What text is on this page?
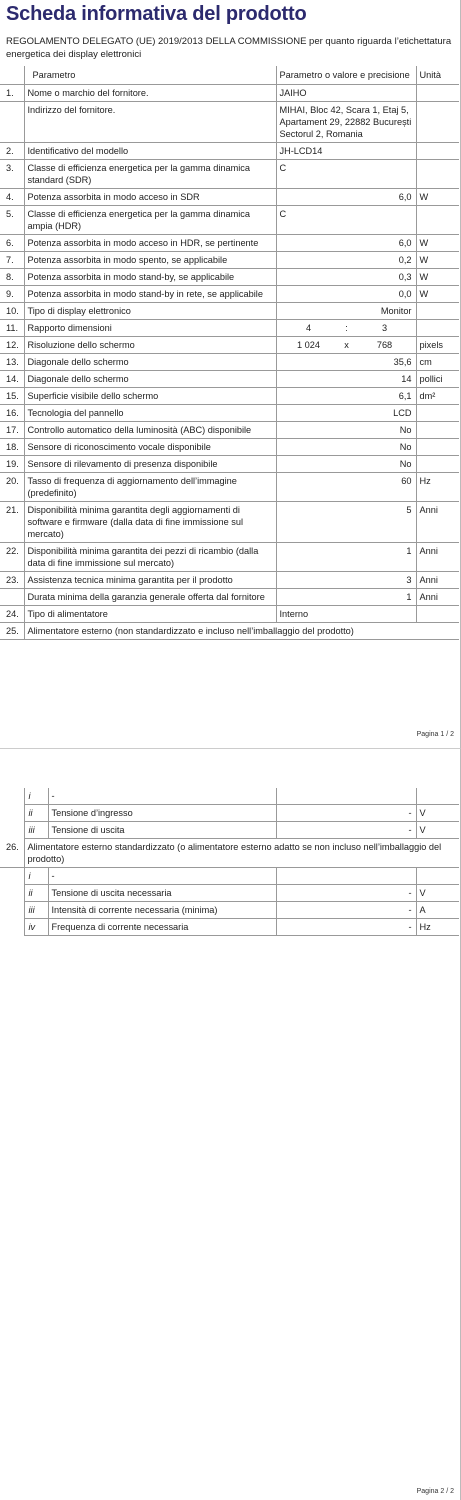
Scheda informativa del prodotto
REGOLAMENTO DELEGATO (UE) 2019/2013 DELLA COMMISSIONE per quanto riguarda l’etichettatura energetica dei display elettronici
	Parametro	Parametro o valore e precisione	Unità
1.	Nome o marchio del fornitore.	JAIHO	
	Indirizzo del fornitore.	MIHAI, Bloc 42, Scara 1, Etaj 5, Apartament 29, 22882 București Sectorul 2, Romania	
2.	Identificativo del modello	JH-LCD14	
3.	Classe di efficienza energetica per la gamma dinamica standard (SDR)	C	
4.	Potenza assorbita in modo acceso in SDR	6,0	W
5.	Classe di efficienza energetica per la gamma dinamica ampia (HDR)	C	
6.	Potenza assorbita in modo acceso in HDR, se pertinente	6,0	W
7.	Potenza assorbita in modo spento, se applicabile	0,2	W
8.	Potenza assorbita in modo stand-by, se applicabile	0,3	W
9.	Potenza assorbita in modo stand-by in rete, se applicabile	0,0	W
10.	Tipo di display elettronico	Monitor	
11.	Rapporto dimensioni	4 : 3	

12.	Risoluzione dello schermo	1 024 x 768	pixels
13.	Diagonale dello schermo	35,6	cm
14.	Diagonale dello schermo	14	pollici
15.	Superficie visibile dello schermo	6,1	dm²
16.	Tecnologia del pannello	LCD	
17.	Controllo automatico della luminosità (ABC) disponibile	No	
18.	Sensore di riconoscimento vocale disponibile	No	
19.	Sensore di rilevamento di presenza disponibile	No	
20.	Tasso di frequenza di aggiornamento dell’immagine (predefinito)	60	Hz
21.	Disponibilità minima garantita degli aggiornamenti di software e firmware (dalla data di fine immissione sul mercato)	5	Anni
22.	Disponibilità minima garantita dei pezzi di ricambio (dalla data di fine immissione sul mercato)	1	Anni
23.	Assistenza tecnica minima garantita per il prodotto	3	Anni
	Durata minima della garanzia generale offerta dal fornitore	1	Anni
24.	Tipo di alimentatore	Interno	
25.	Alimentatore esterno (non standardizzato e incluso nell’imballaggio del prodotto)		
Pagina 1 / 2
	i	-		
	ii	Tensione d’ingresso	-	V
	iii	Tensione di uscita	-	V
26.	Alimentatore esterno standardizzato (o alimentatore esterno adatto se non incluso nell’imballaggio del prodotto)			
	i	-		
	ii	Tensione di uscita necessaria	-	V
	iii	Intensità di corrente necessaria (minima)	-	A
	iv	Frequenza di corrente necessaria	-	Hz
Pagina 2 / 2
